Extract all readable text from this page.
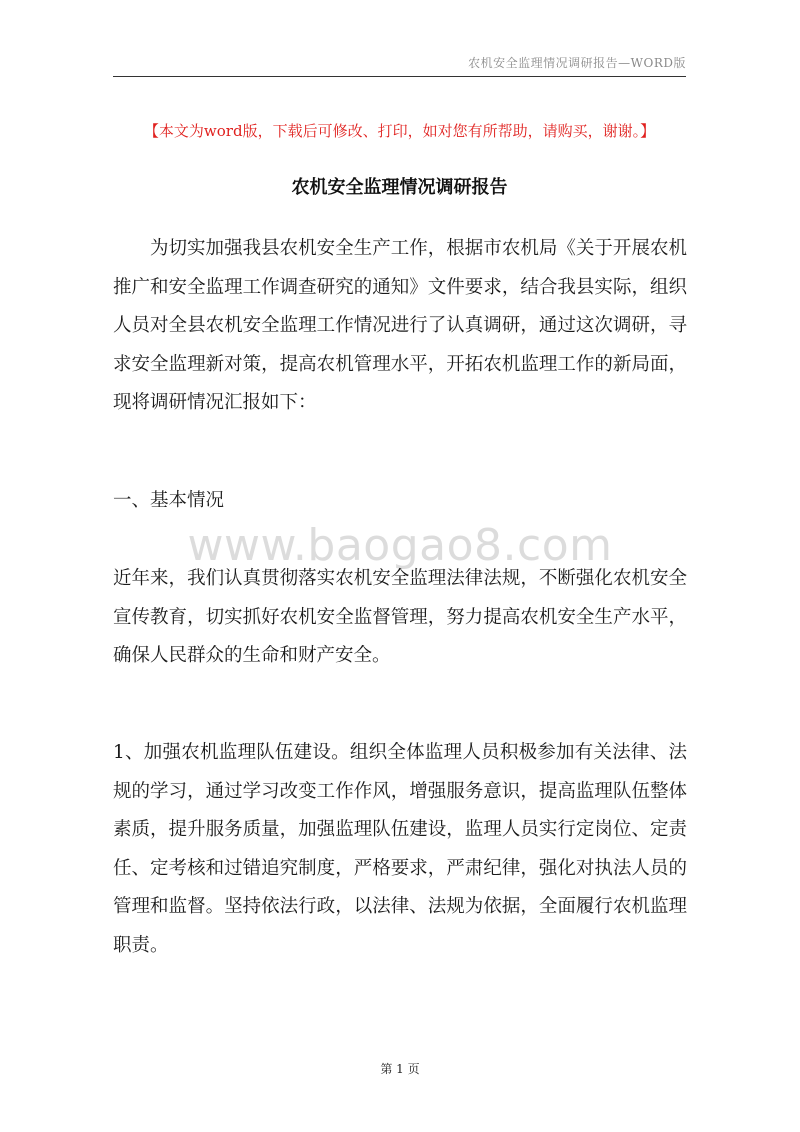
农机安全监理情况调研报告—WORD版
【本文为word版，下载后可修改、打印，如对您有所帮助，请购买，谢谢。】
农机安全监理情况调研报告

为切实加强我县农机安全生产工作，根据市农机局《关于开展农机推广和安全监理工作调查研究的通知》文件要求，结合我县实际，组织人员对全县农机安全监理工作情况进行了认真调研，通过这次调研，寻求安全监理新对策，提高农机管理水平，开拓农机监理工作的新局面，现将调研情况汇报如下：

一、基本情况

www.baogao8.com

近年来，我们认真贯彻落实农机安全监理法律法规，不断强化农机安全宣传教育，切实抓好农机安全监督管理，努力提高农机安全生产水平，确保人民群众的生命和财产安全。

1、加强农机监理队伍建设。组织全体监理人员积极参加有关法律、法规的学习，通过学习改变工作作风，增强服务意识，提高监理队伍整体素质，提升服务质量，加强监理队伍建设，监理人员实行定岗位、定责任、定考核和过错追究制度，严格要求，严肃纪律，强化对执法人员的管理和监督。坚持依法行政，以法律、法规为依据，全面履行农机监理职责。

第 1 页
